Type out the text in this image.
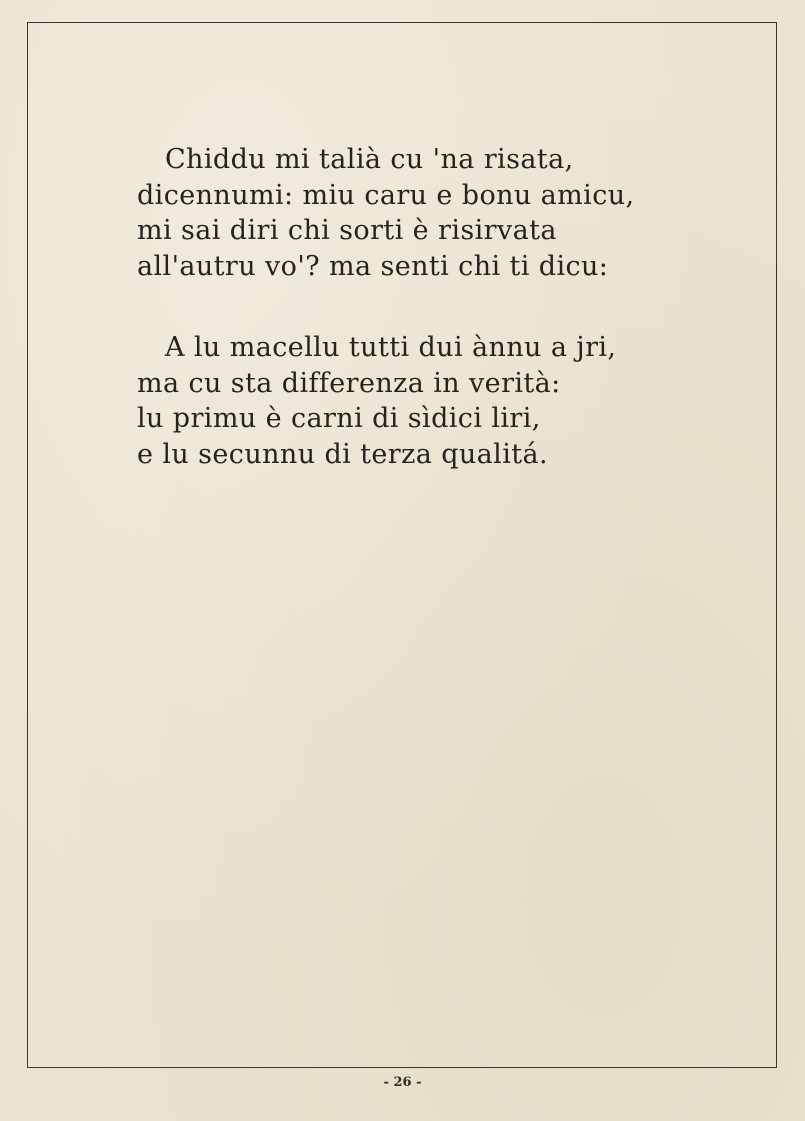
Chiddu mi talià cu 'na risata,
dicennumi: miu caru e bonu amicu,
mi sai diri chi sorti è risirvata
all'autru vo'? ma senti chi ti dicu:

A lu macellu tutti dui ànnu a jri,
ma cu sta differenza in verità:
lu primu è carni di sìdici liri,
e lu secunnu di terza qualitá.

- 26 -
